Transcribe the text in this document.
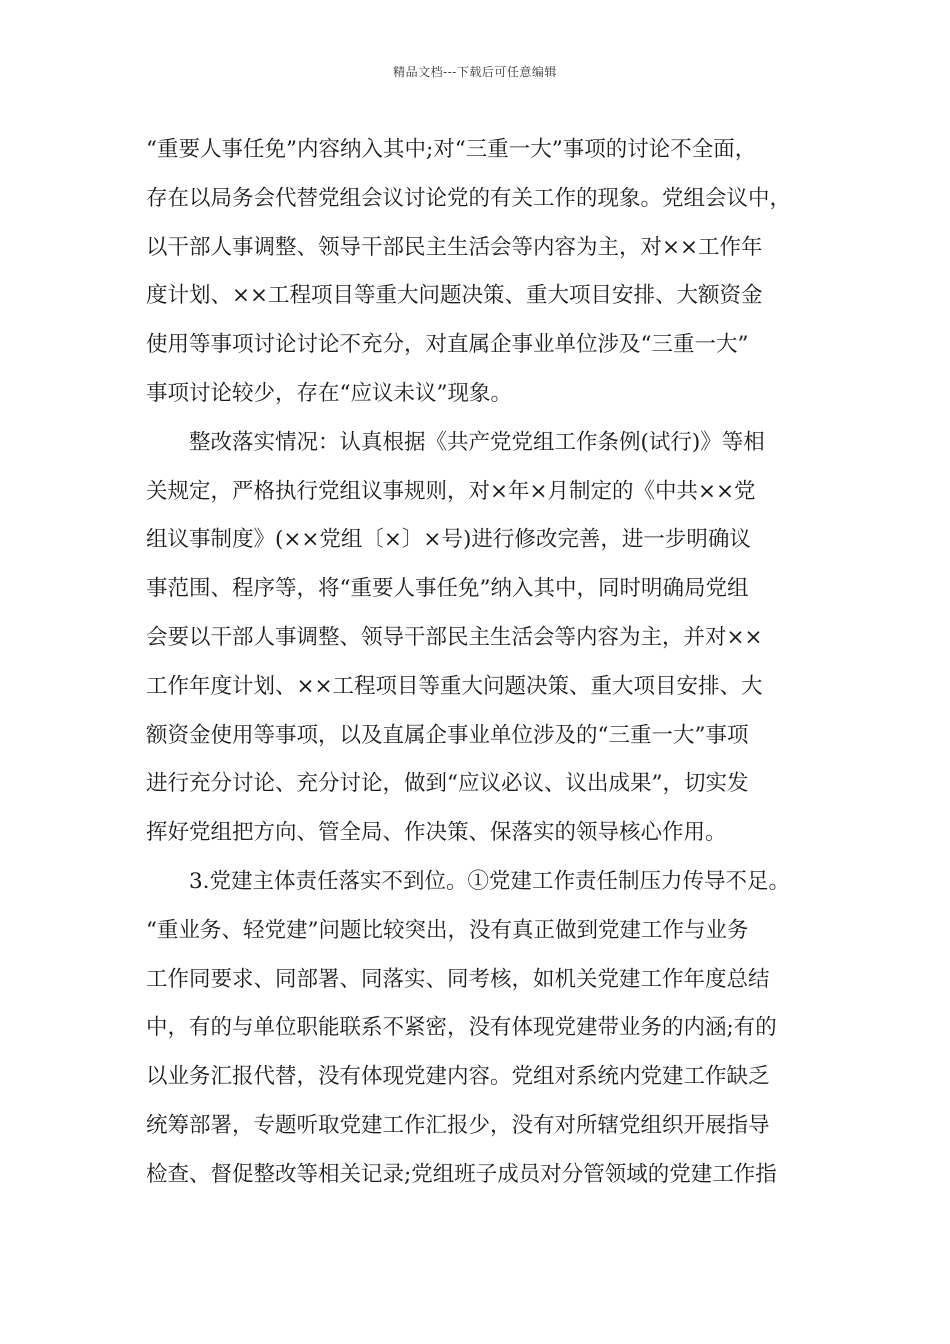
精品文档---下载后可任意编辑
“重要人事任免”内容纳入其中;对“三重一大”事项的讨论不全面，
存在以局务会代替党组会议讨论党的有关工作的现象。党组会议中，
以干部人事调整、领导干部民主生活会等内容为主，对××工作年
度计划、××工程项目等重大问题决策、重大项目安排、大额资金
使用等事项讨论讨论不充分，对直属企事业单位涉及“三重一大”
事项讨论较少，存在“应议未议”现象。
整改落实情况：认真根据《共产党党组工作条例(试行)》等相
关规定，严格执行党组议事规则，对×年×月制定的《中共××党
组议事制度》(××党组〔×〕×号)进行修改完善，进一步明确议
事范围、程序等，将“重要人事任免”纳入其中，同时明确局党组
会要以干部人事调整、领导干部民主生活会等内容为主，并对××
工作年度计划、××工程项目等重大问题决策、重大项目安排、大
额资金使用等事项，以及直属企事业单位涉及的“三重一大”事项
进行充分讨论、充分讨论，做到“应议必议、议出成果”，切实发
挥好党组把方向、管全局、作决策、保落实的领导核心作用。
3.党建主体责任落实不到位。①党建工作责任制压力传导不足。
“重业务、轻党建”问题比较突出，没有真正做到党建工作与业务
工作同要求、同部署、同落实、同考核，如机关党建工作年度总结
中，有的与单位职能联系不紧密，没有体现党建带业务的内涵;有的
以业务汇报代替，没有体现党建内容。党组对系统内党建工作缺乏
统筹部署，专题听取党建工作汇报少，没有对所辖党组织开展指导
检查、督促整改等相关记录;党组班子成员对分管领域的党建工作指
